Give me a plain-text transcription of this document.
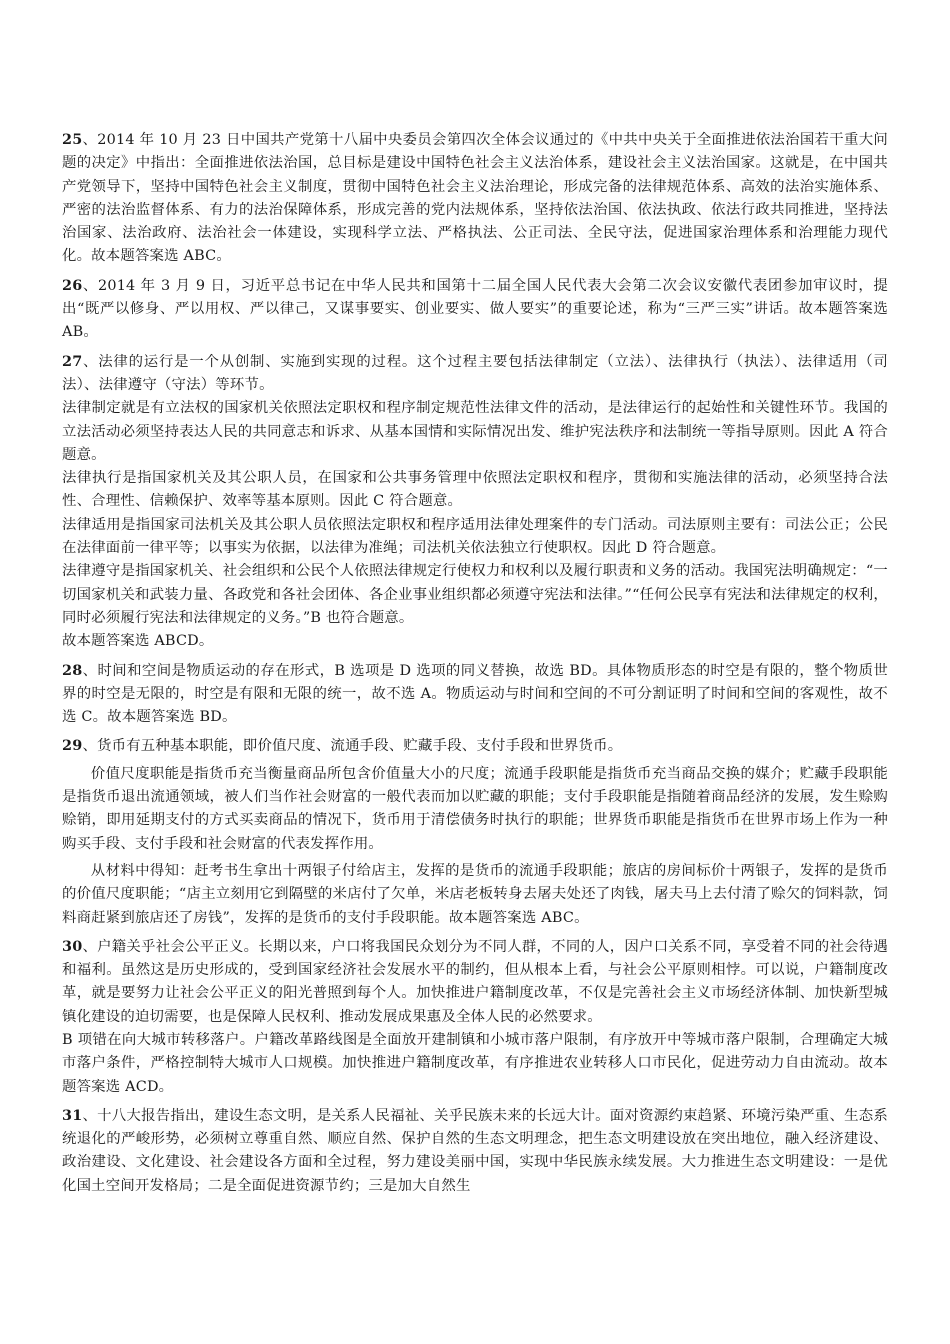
25、2014 年 10 月 23 日中国共产党第十八届中央委员会第四次全体会议通过的《中共中央关于全面推进依法治国若干重大问题的决定》中指出：全面推进依法治国，总目标是建设中国特色社会主义法治体系，建设社会主义法治国家。这就是，在中国共产党领导下，坚持中国特色社会主义制度，贯彻中国特色社会主义法治理论，形成完备的法律规范体系、高效的法治实施体系、严密的法治监督体系、有力的法治保障体系，形成完善的党内法规体系，坚持依法治国、依法执政、依法行政共同推进，坚持法治国家、法治政府、法治社会一体建设，实现科学立法、严格执法、公正司法、全民守法，促进国家治理体系和治理能力现代化。故本题答案选 ABC。

26、2014 年 3 月 9 日，习近平总书记在中华人民共和国第十二届全国人民代表大会第二次会议安徽代表团参加审议时，提出“既严以修身、严以用权、严以律己，又谋事要实、创业要实、做人要实”的重要论述，称为“三严三实”讲话。故本题答案选 AB。

27、法律的运行是一个从创制、实施到实现的过程。这个过程主要包括法律制定（立法）、法律执行（执法）、法律适用（司法）、法律遵守（守法）等环节。

法律制定就是有立法权的国家机关依照法定职权和程序制定规范性法律文件的活动，是法律运行的起始性和关键性环节。我国的立法活动必须坚持表达人民的共同意志和诉求、从基本国情和实际情况出发、维护宪法秩序和法制统一等指导原则。因此 A 符合题意。

法律执行是指国家机关及其公职人员，在国家和公共事务管理中依照法定职权和程序，贯彻和实施法律的活动，必须坚持合法性、合理性、信赖保护、效率等基本原则。因此 C 符合题意。

法律适用是指国家司法机关及其公职人员依照法定职权和程序适用法律处理案件的专门活动。司法原则主要有：司法公正；公民在法律面前一律平等；以事实为依据，以法律为准绳；司法机关依法独立行使职权。因此 D 符合题意。

法律遵守是指国家机关、社会组织和公民个人依照法律规定行使权力和权利以及履行职责和义务的活动。我国宪法明确规定：“一切国家机关和武装力量、各政党和各社会团体、各企业事业组织都必须遵守宪法和法律。”“任何公民享有宪法和法律规定的权利，同时必须履行宪法和法律规定的义务。”B 也符合题意。

故本题答案选 ABCD。

28、时间和空间是物质运动的存在形式，B 选项是 D 选项的同义替换，故选 BD。具体物质形态的时空是有限的，整个物质世界的时空是无限的，时空是有限和无限的统一，故不选 A。物质运动与时间和空间的不可分割证明了时间和空间的客观性，故不选 C。故本题答案选 BD。

29、货币有五种基本职能，即价值尺度、流通手段、贮藏手段、支付手段和世界货币。

价值尺度职能是指货币充当衡量商品所包含价值量大小的尺度；流通手段职能是指货币充当商品交换的媒介；贮藏手段职能是指货币退出流通领域，被人们当作社会财富的一般代表而加以贮藏的职能；支付手段职能是指随着商品经济的发展，发生赊购赊销，即用延期支付的方式买卖商品的情况下，货币用于清偿债务时执行的职能；世界货币职能是指货币在世界市场上作为一种购买手段、支付手段和社会财富的代表发挥作用。

从材料中得知：赶考书生拿出十两银子付给店主，发挥的是货币的流通手段职能；旅店的房间标价十两银子，发挥的是货币的价值尺度职能；“店主立刻用它到隔壁的米店付了欠单，米店老板转身去屠夫处还了肉钱，屠夫马上去付清了赊欠的饲料款，饲料商赶紧到旅店还了房钱”，发挥的是货币的支付手段职能。故本题答案选 ABC。

30、户籍关乎社会公平正义。长期以来，户口将我国民众划分为不同人群，不同的人，因户口关系不同，享受着不同的社会待遇和福利。虽然这是历史形成的，受到国家经济社会发展水平的制约，但从根本上看，与社会公平原则相悖。可以说，户籍制度改革，就是要努力让社会公平正义的阳光普照到每个人。加快推进户籍制度改革，不仅是完善社会主义市场经济体制、加快新型城镇化建设的迫切需要，也是保障人民权利、推动发展成果惠及全体人民的必然要求。

B 项错在向大城市转移落户。户籍改革路线图是全面放开建制镇和小城市落户限制，有序放开中等城市落户限制，合理确定大城市落户条件，严格控制特大城市人口规模。加快推进户籍制度改革，有序推进农业转移人口市民化，促进劳动力自由流动。故本题答案选 ACD。

31、十八大报告指出，建设生态文明，是关系人民福祉、关乎民族未来的长远大计。面对资源约束趋紧、环境污染严重、生态系统退化的严峻形势，必须树立尊重自然、顺应自然、保护自然的生态文明理念，把生态文明建设放在突出地位，融入经济建设、政治建设、文化建设、社会建设各方面和全过程，努力建设美丽中国，实现中华民族永续发展。大力推进生态文明建设：一是优化国土空间开发格局；二是全面促进资源节约；三是加大自然生
